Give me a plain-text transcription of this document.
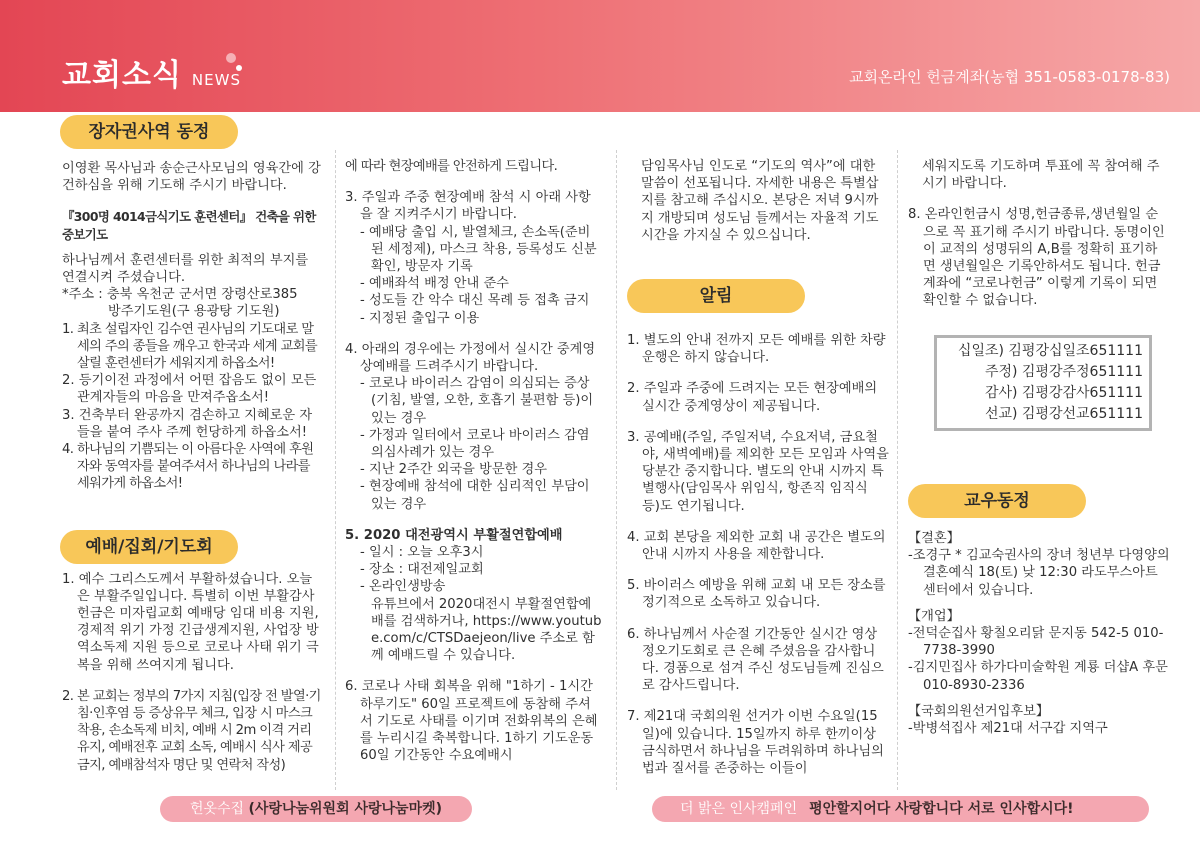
교회소식 NEWS	교회온라인 헌금계좌(농협 351-0583-0178-83)
장자권사역 동정
예배/집회/기도회
알림
교우동정

이영환 목사님과 송순근사모님의 영육간에 강건하심을 위해 기도해 주시기 바랍니다.

『300명 4014금식기도 훈련센터』 건축을 위한 중보기도

하나님께서 훈련센터를 위한 최적의 부지를 연결시켜 주셨습니다.

*주소 : 충북 옥천군 군서면 장령산로385

방주기도원(구 용광탕 기도원)

1. 최초 설립자인 김수연 권사님의 기도대로 말세의 주의 종들을 깨우고 한국과 세계 교회를살릴 훈련센터가 세워지게 하옵소서!

2. 등기이전 과정에서 어떤 잡음도 없이 모든 관계자들의 마음을 만져주옵소서!

3. 건축부터 완공까지 겸손하고 지혜로운 자들을 붙여 주사 주께 헌당하게 하옵소서!

4. 하나님의 기쁨되는 이 아름다운 사역에 후원자와 동역자를 붙여주셔서 하나님의 나라를 세워가게 하옵소서!

1. 예수 그리스도께서 부활하셨습니다. 오늘은 부활주일입니다. 특별히 이번 부활감사헌금은 미자립교회 예배당 임대 비용 지원, 경제적 위기 가정 긴급생계지원, 사업장 방역소독제 지원 등으로 코로나 사태 위기 극복을 위해 쓰여지게 됩니다.

2. 본 교회는 정부의 7가지 지침(입장 전 발열·기침·인후염 등 증상유무 체크, 입장 시 마스크 착용, 손소독제 비치, 예배 시 2m 이격 거리 유지, 예배전후 교회 소독, 예배시 식사 제공 금지, 예배참석자 명단 및 연락처 작성)

에 따라 현장예배를 안전하게 드립니다.

3. 주일과 주중 현장예배 참석 시 아래 사항을 잘 지켜주시기 바랍니다.

- 예배당 출입 시, 발열체크, 손소독(준비된 세정제), 마스크 착용, 등록성도 신분 확인, 방문자 기록

- 예배좌석 배정 안내 준수

- 성도들 간 악수 대신 목례 등 접촉 금지

- 지정된 출입구 이용

4. 아래의 경우에는 가정에서 실시간 중계영상예배를 드려주시기 바랍니다.

- 코로나 바이러스 감염이 의심되는 증상(기침, 발열, 오한, 호흡기 불편함 등)이 있는 경우

- 가정과 일터에서 코로나 바이러스 감염 의심사례가 있는 경우

- 지난 2주간 외국을 방문한 경우

- 현장예배 참석에 대한 심리적인 부담이 있는 경우

5. 2020 대전광역시 부활절연합예배

- 일시 : 오늘 오후3시

- 장소 : 대전제일교회

- 온라인생방송

유튜브에서 2020대전시 부활절연합예배를 검색하거나, https://www.youtube.com/c/CTSDaejeon/live 주소로 함께 예배드릴 수 있습니다.

6. 코로나 사태 회복을 위해 "1하기 - 1시간 하루기도" 60일 프로젝트에 동참해 주셔서 기도로 사태를 이기며 전화위복의 은혜를 누리시길 축복합니다. 1하기 기도운동 60일 기간동안 수요예배시

담임목사님 인도로 “기도의 역사”에 대한 말씀이 선포됩니다. 자세한 내용은 특별삽지를 참고해 주십시오. 본당은 저녁 9시까지 개방되며 성도님 들께서는 자율적 기도시간을 가지실 수 있으십니다.

1. 별도의 안내 전까지 모든 예배를 위한 차량 운행은 하지 않습니다.

2. 주일과 주중에 드려지는 모든 현장예배의 실시간 중계영상이 제공됩니다.

3. 공예배(주일, 주일저녁, 수요저녁, 금요철야, 새벽예배)를 제외한 모든 모임과 사역을 당분간 중지합니다. 별도의 안내 시까지 특별행사(담임목사 위임식, 항존직 임직식 등)도 연기됩니다.

4. 교회 본당을 제외한 교회 내 공간은 별도의 안내 시까지 사용을 제한합니다.

5. 바이러스 예방을 위해 교회 내 모든 장소를 정기적으로 소독하고 있습니다.

6. 하나님께서 사순절 기간동안 실시간 영상 정오기도회로 큰 은혜 주셨음을 감사합니다. 경품으로 섬겨 주신 성도님들께 진심으로 감사드립니다.

7. 제21대 국회의원 선거가 이번 수요일(15일)에 있습니다. 15일까지 하루 한끼이상 금식하면서 하나님을 두려워하며 하나님의 법과 질서를 존중하는 이들이

세워지도록 기도하며 투표에 꼭 참여해 주시기 바랍니다.

8. 온라인헌금시 성명,헌금종류,생년월일 순으로 꼭 표기해 주시기 바랍니다. 동명이인이 교적의 성명뒤의 A,B를 정확히 표기하면 생년월일은 기록안하셔도 됩니다. 헌금계좌에 “코로나헌금” 이렇게 기록이 되면 확인할 수 없습니다.

십일조) 김평강십일조651111
주정) 김평강주정651111
감사) 김평강감사651111
선교) 김평강선교651111

【결혼】

-조경구 * 김교숙권사의 장녀 청년부 다영양의 결혼예식 18(토) 낮 12:30 라도무스아트센터에서 있습니다.

【개업】

-전덕순집사 황칠오리닭 문지동 542-5 010-7738-3990

-김지민집사 하가다미술학원 계룡 더샵A 후문 010-8930-2336

【국회의원선거입후보】

-박병석집사 제21대 서구갑 지역구

헌옷수집 (사랑나눔위원회 사랑나눔마켓)	더 밝은 인사캠페인 평안할지어다 사랑합니다 서로 인사합시다!
